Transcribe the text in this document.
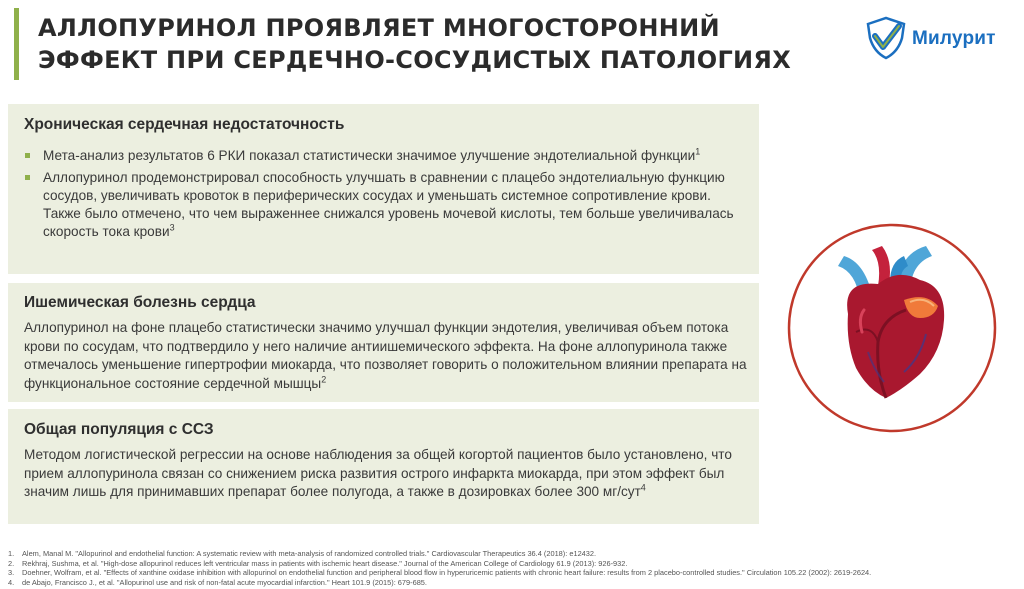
АЛЛОПУРИНОЛ ПРОЯВЛЯЕТ МНОГОСТОРОННИЙ
ЭФФЕКТ ПРИ СЕРДЕЧНО-СОСУДИСТЫХ ПАТОЛОГИЯХ
Милурит
Хроническая сердечная недостаточность
Мета-анализ результатов 6 РКИ показал статистически значимое улучшение эндотелиальной функции$^1$
Аллопуринол продемонстрировал способность улучшать в сравнении с плацебо эндотелиальную функцию сосудов, увеличивать кровоток в периферических сосудах и уменьшать системное сопротивление крови. Также было отмечено, что чем выраженнее снижался уровень мочевой кислоты, тем больше увеличивалась скорость тока крови$^3$
Ишемическая болезнь сердца

Аллопуринол на фоне плацебо статистически значимо улучшал функции эндотелия, увеличивая объем потока крови по сосудам, что подтвердило у него наличие антиишемического эффекта. На фоне аллопуринола также отмечалось уменьшение гипертрофии миокарда, что позволяет говорить о положительном влиянии препарата на функциональное состояние сердечной мышцы$^2$

Общая популяция с ССЗ

Методом логистической регрессии на основе наблюдения за общей когортой пациентов было установлено, что прием аллопуринола связан со снижением риска развития острого инфаркта миокарда, при этом эффект был значим лишь для принимавших препарат более полугода, а также в дозировках более 300 мг/сут$^4$

1. Alem, Manal M. "Allopurinol and endothelial function: A systematic review with meta-analysis of randomized controlled trials." Cardiovascular Therapeutics 36.4 (2018): e12432.
2. Rekhraj, Sushma, et al. "High-dose allopurinol reduces left ventricular mass in patients with ischemic heart disease." Journal of the American College of Cardiology 61.9 (2013): 926-932.
3. Doehner, Wolfram, et al. "Effects of xanthine oxidase inhibition with allopurinol on endothelial function and peripheral blood flow in hyperuricemic patients with chronic heart failure: results from 2 placebo-controlled studies." Circulation 105.22 (2002): 2619-2624.
4. de Abajo, Francisco J., et al. "Allopurinol use and risk of non-fatal acute myocardial infarction." Heart 101.9 (2015): 679-685.
